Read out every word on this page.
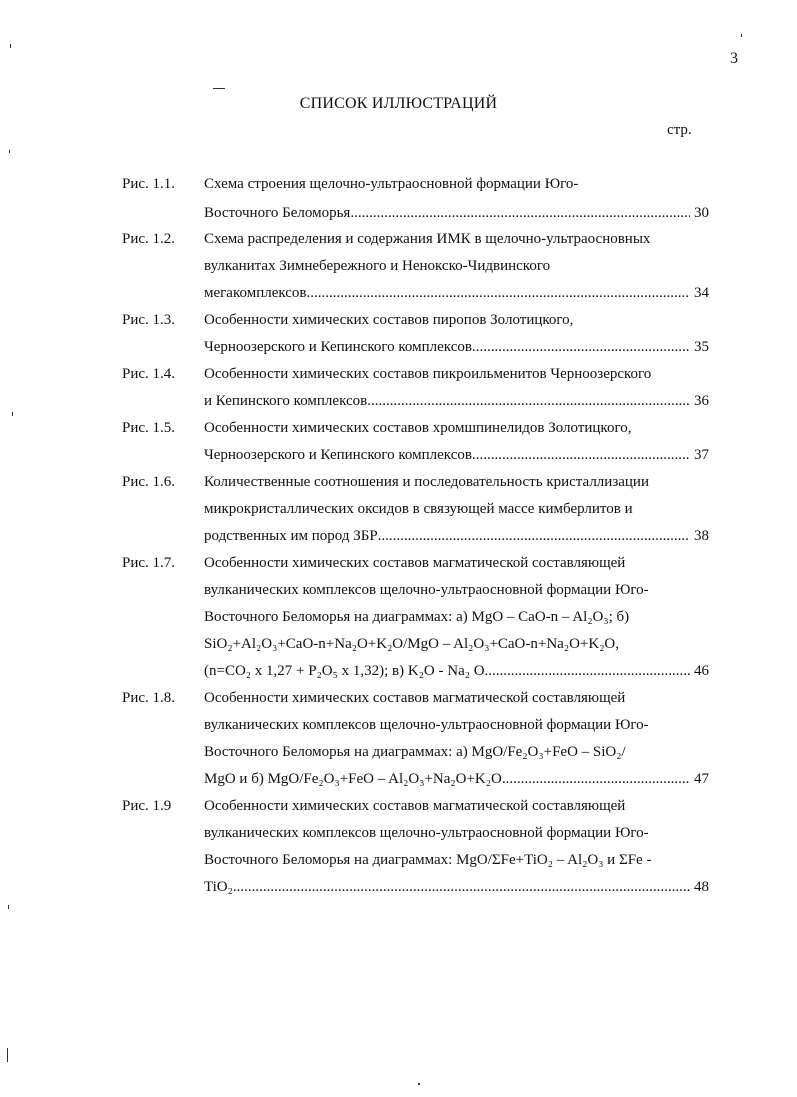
3
СПИСОК ИЛЛЮСТРАЦИЙ
стр.
Рис. 1.1. Схема строения щелочно-ультраосновной формации Юго-
Восточного Беломорья .....	30
Рис. 1.2. Схема распределения и содержания ИМК в щелочно-ультраосновных
вулканитах Зимнебережного и Ненокско-Чидвинского
мегакомплексов .....	34
Рис. 1.3. Особенности химических составов пиропов Золотицкого,
Черноозерского и Кепинского комплексов .....	35
Рис. 1.4. Особенности химических составов пикроильменитов Черноозерского
и Кепинского комплексов .....	36
Рис. 1.5. Особенности химических составов хромшпинелидов Золотицкого,
Черноозерского и Кепинского комплексов .....	37
Рис. 1.6. Количественные соотношения и последовательность кристаллизации
микрокристаллических оксидов в связующей массе кимберлитов и
родственных им пород ЗБР .....	38
Рис. 1.7. Особенности химических составов магматической составляющей
вулканических комплексов щелочно-ультраосновной формации Юго-
Восточного Беломорья на диаграммах: а) MgO – CaO-n – Al₂O₃; б)
SiO₂+Al₂O₃+CaO-n+Na₂O+K₂O/MgO – Al₂O₃+CaO-n+Na₂O+K₂O,
(n=CO₂ x 1,27 + P₂O₅ x 1,32); в) K₂O - Na₂ O .....	46
Рис. 1.8. Особенности химических составов магматической составляющей
вулканических комплексов щелочно-ультраосновной формации Юго-
Восточного Беломорья на диаграммах: а) MgO/Fe₂O₃+FeO – SiO₂/
MgO и б) MgO/Fe₂O₃+FeO – Al₂O₃+Na₂O+K₂O .....	47
Рис. 1.9 Особенности химических составов магматической составляющей
вулканических комплексов щелочно-ультраосновной формации Юго-
Восточного Беломорья на диаграммах: MgO/ΣFe+TiO₂ – Al₂O₃ и ΣFe -
TiO₂ .....	48
